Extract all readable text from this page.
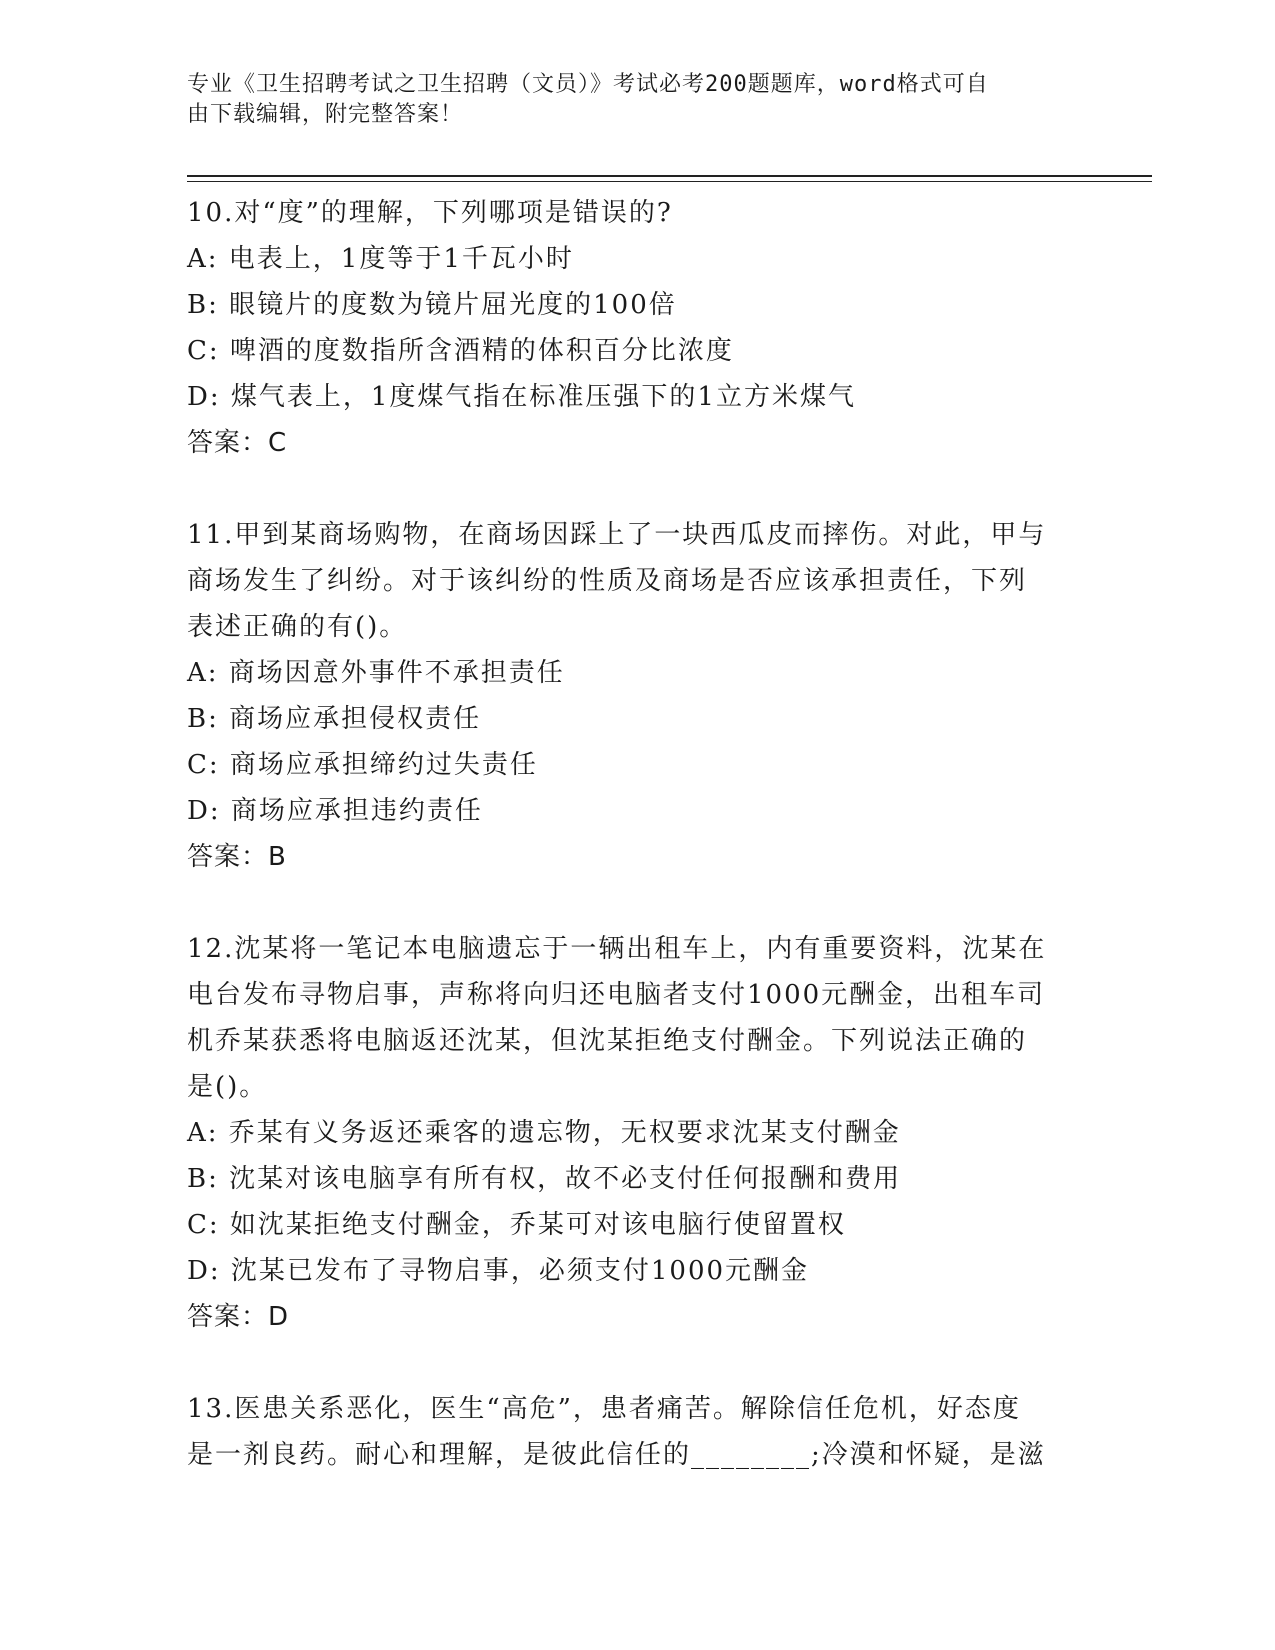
专业《卫生招聘考试之卫生招聘（文员）》考试必考200题题库，word格式可自
由下载编辑，附完整答案！
10.对“度”的理解，下列哪项是错误的?
A: 电表上，1度等于1千瓦小时
B: 眼镜片的度数为镜片屈光度的100倍
C: 啤酒的度数指所含酒精的体积百分比浓度
D: 煤气表上，1度煤气指在标准压强下的1立方米煤气
答案：C
11.甲到某商场购物，在商场因踩上了一块西瓜皮而摔伤。对此，甲与
商场发生了纠纷。对于该纠纷的性质及商场是否应该承担责任，下列
表述正确的有()。
A: 商场因意外事件不承担责任
B: 商场应承担侵权责任
C: 商场应承担缔约过失责任
D: 商场应承担违约责任
答案：B
12.沈某将一笔记本电脑遗忘于一辆出租车上，内有重要资料，沈某在
电台发布寻物启事，声称将向归还电脑者支付1000元酬金，出租车司
机乔某获悉将电脑返还沈某，但沈某拒绝支付酬金。下列说法正确的
是()。
A: 乔某有义务返还乘客的遗忘物，无权要求沈某支付酬金
B: 沈某对该电脑享有所有权，故不必支付任何报酬和费用
C: 如沈某拒绝支付酬金，乔某可对该电脑行使留置权
D: 沈某已发布了寻物启事，必须支付1000元酬金
答案：D
13.医患关系恶化，医生“高危”，患者痛苦。解除信任危机，好态度
是一剂良药。耐心和理解，是彼此信任的________;冷漠和怀疑，是滋
